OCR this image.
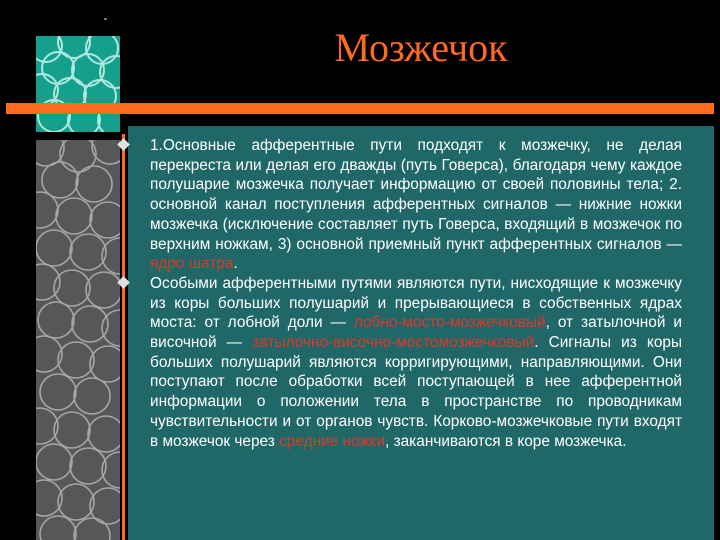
Мозжечок
1.Основные афферентные пути подходят к мозжечку, не делая перекреста или делая его дважды (путь Говерса), благодаря чему каждое полушарие мозжечка получает информацию от своей половины тела; 2. основной канал поступления афферентных сигналов — нижние ножки мозжечка (исключение составляет путь Говерса, входящий в мозжечок по верхним ножкам, 3) основной приемный пункт афферентных сигналов — ядро шатра.
Особыми афферентными путями являются пути, нисходящие к мозжечку из коры больших полушарий и прерывающиеся в собственных ядрах моста: от лобной доли — лобно-мосто-мозжечковый, от затылочной и височной — затылочно-височно-мостомозжечковый. Сигналы из коры больших полушарий являются корригирующими, направляющими. Они поступают после обработки всей поступающей в нее афферентной информации о положении тела в пространстве по проводникам чувствительности и от органов чувств. Корково-мозжечковые пути входят в мозжечок через средние ножки, заканчиваются в коре мозжечка.
